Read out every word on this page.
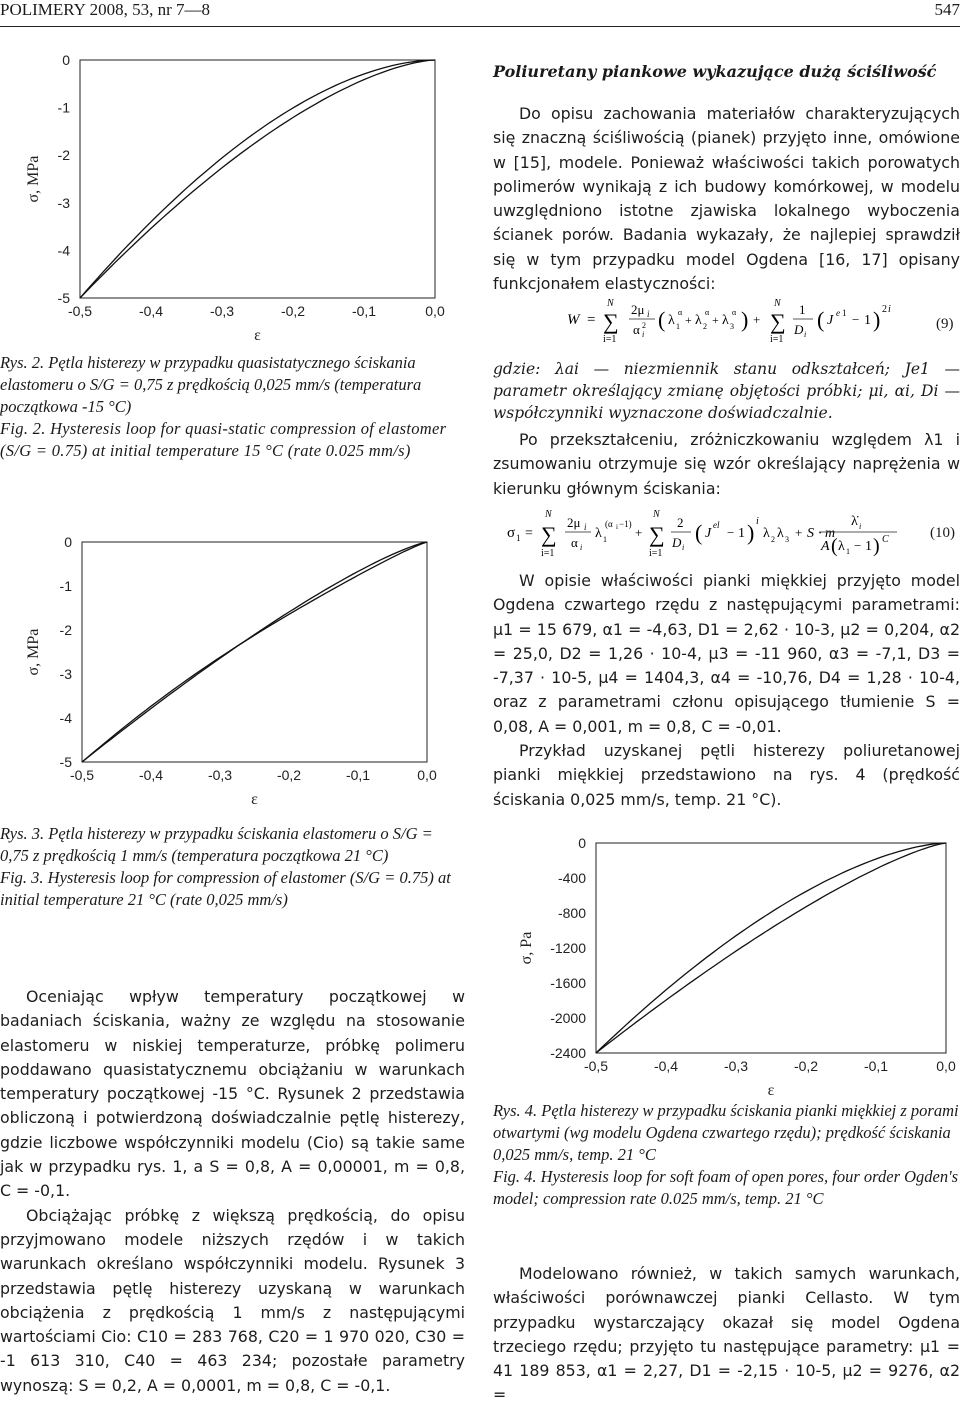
POLIMERY 2008, 53, nr 7—8	547
0
-1
-2
-3
-4
-5
-0,5	-0,4	-0,3	-0,2	-0,1	0,0
ε
σ, MPa

Rys. 2. Pętla histerezy w przypadku quasistatycznego ściskania elastomeru o S/G = 0,75 z prędkością 0,025 mm/s (temperatura początkowa -15 °C)

Fig. 2. Hysteresis loop for quasi-static compression of elastomer (S/G = 0.75) at initial temperature 15 °C (rate 0.025 mm/s)

0
-1
-2
-3
-4
-5
-0,5	-0,4	-0,3	-0,2	-0,1	0,0
ε
σ, MPa

Rys. 3. Pętla histerezy w przypadku ściskania elastomeru o S/G = 0,75 z prędkością 1 mm/s (temperatura początkowa 21 °C)

Fig. 3. Hysteresis loop for compression of elastomer (S/G = 0.75) at initial temperature 21 °C (rate 0,025 mm/s)

Oceniając wpływ temperatury początkowej w badaniach ściskania, ważny ze względu na stosowanie elastomeru w niskiej temperaturze, próbkę polimeru poddawano quasistatycznemu obciążaniu w warunkach temperatury początkowej -15 °C. Rysunek 2 przedstawia obliczoną i potwierdzoną doświadczalnie pętlę histerezy, gdzie liczbowe współczynniki modelu (Cio) są takie same jak w przypadku rys. 1, a S = 0,8, A = 0,00001, m = 0,8, C = -0,1.

Obciążając próbkę z większą prędkością, do opisu przyjmowano modele niższych rzędów i w takich warunkach określano współczynniki modelu. Rysunek 3 przedstawia pętlę histerezy uzyskaną w warunkach obciążenia z prędkością 1 mm/s z następującymi wartościami Cio: C10 = 283 768, C20 = 1 970 020, C30 = -1 613 310, C40 = 463 234; pozostałe parametry wynoszą: S = 0,2, A = 0,0001, m = 0,8, C = -0,1.

Poliuretany piankowe wykazujące dużą ściśliwość

Do opisu zachowania materiałów charakteryzujących się znaczną ściśliwością (pianek) przyjęto inne, omówione w [15], modele. Ponieważ właściwości takich porowatych polimerów wynikają z ich budowy komórkowej, w modelu uwzględniono istotne zjawiska lokalnego wyboczenia ścianek porów. Badania wykazały, że najlepiej sprawdził się w tym przypadku model Ogdena [16, 17] opisany funkcjonałem elastyczności:

W =
N
∑
i=1
2μ i
α 2
i
( λ 1
α
+ λ 2
α
+ λ 3
α ) +
N
∑
i=1
1
D i
( J e 1 − 1 ) 2 i
(9)
gdzie: λai — niezmiennik stanu odkształceń; Je1 — parametr określający zmianę objętości próbki; μi, αi, Di — współczynniki wyznaczone doświadczalnie.

Po przekształceniu, zróżniczkowaniu względem λ1 i zsumowaniu otrzymuje się wzór określający naprężenia w kierunku głównym ściskania:

σ 1 =
N
∑
i=1
2μ i
α i
λ 1
(α i −1)
+
N
∑
i=1
2
D i
( J
el − 1 ) i
λ 2 λ 3 + S · m
λ̇ i
A ( λ 1 − 1 ) C	(10)

W opisie właściwości pianki miękkiej przyjęto model Ogdena czwartego rzędu z następującymi parametrami: μ1 = 15 679, α1 = -4,63, D1 = 2,62 · 10-3, μ2 = 0,204, α2 = 25,0, D2 = 1,26 · 10-4, μ3 = -11 960, α3 = -7,1, D3 = -7,37 · 10-5, μ4 = 1404,3, α4 = -10,76, D4 = 1,28 · 10-4, oraz z parametrami członu opisującego tłumienie S = 0,08, A = 0,001, m = 0,8, C = -0,01.

Przykład uzyskanej pętli histerezy poliuretanowej pianki miękkiej przedstawiono na rys. 4 (prędkość ściskania 0,025 mm/s, temp. 21 °C).

0
-400
-800
-1200
-1600
-2000
-2400
-0,5	-0,4	-0,3	-0,2	-0,1	0,0
ε
σ, Pa

Rys. 4. Pętla histerezy w przypadku ściskania pianki miękkiej z porami otwartymi (wg modelu Ogdena czwartego rzędu); prędkość ściskania 0,025 mm/s, temp. 21 °C

Fig. 4. Hysteresis loop for soft foam of open pores, four order Ogden's model; compression rate 0.025 mm/s, temp. 21 °C

Modelowano również, w takich samych warunkach, właściwości porównawczej pianki Cellasto. W tym przypadku wystarczający okazał się model Ogdena trzeciego rzędu; przyjęto tu następujące parametry: μ1 = 41 189 853, α1 = 2,27, D1 = -2,15 · 10-5, μ2 = 9276, α2 =
